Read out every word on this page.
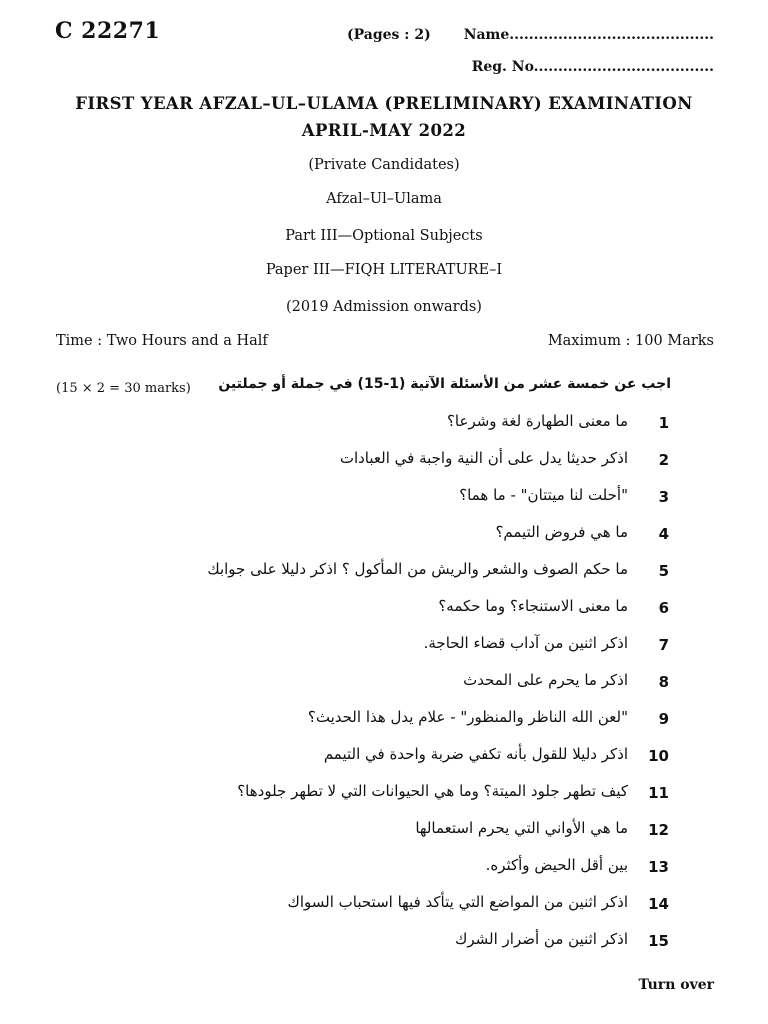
C 22271	(Pages : 2) Name..........................................
Reg. No.....................................
FIRST YEAR AFZAL–UL–ULAMA (PRELIMINARY) EXAMINATION
APRIL-MAY 2022
(Private Candidates)
Afzal–Ul–Ulama
Part III—Optional Subjects
Paper III—FIQH LITERATURE–I
(2019 Admission onwards)
Time : Two Hours and a Half	Maximum : 100 Marks
(15 × 2 = 30 marks) اجب عن خمسة عشر من الأسئلة الآتية (1-15) في جملة أو جملتين
1
ما معنى الطهارة لغة وشرعا؟
2
اذكر حديثا يدل على أن النية واجبة في العبادات
3
"أحلت لنا ميتتان" - ما هما؟
4
ما هي فروض التيمم؟
5
ما حكم الصوف والشعر والريش من المأكول ؟ اذكر دليلا على جوابك
6
ما معنى الاستنجاء؟ وما حكمه؟
7
اذكر اثنين من آداب قضاء الحاجة.
8
اذكر ما يحرم على المحدث
9
"لعن الله الناظر والمنظور" - علام يدل هذا الحديث؟
10
اذكر دليلا للقول بأنه تكفي ضربة واحدة في التيمم
11
كيف تطهر جلود الميتة؟ وما هي الحيوانات التي لا تطهر جلودها؟
12
ما هي الأواني التي يحرم استعمالها
13
بين أقل الحيض وأكثره.
14
اذكر اثنين من المواضع التي يتأكد فيها استحباب السواك
15
اذكر اثنين من أضرار الشرك
Turn over
